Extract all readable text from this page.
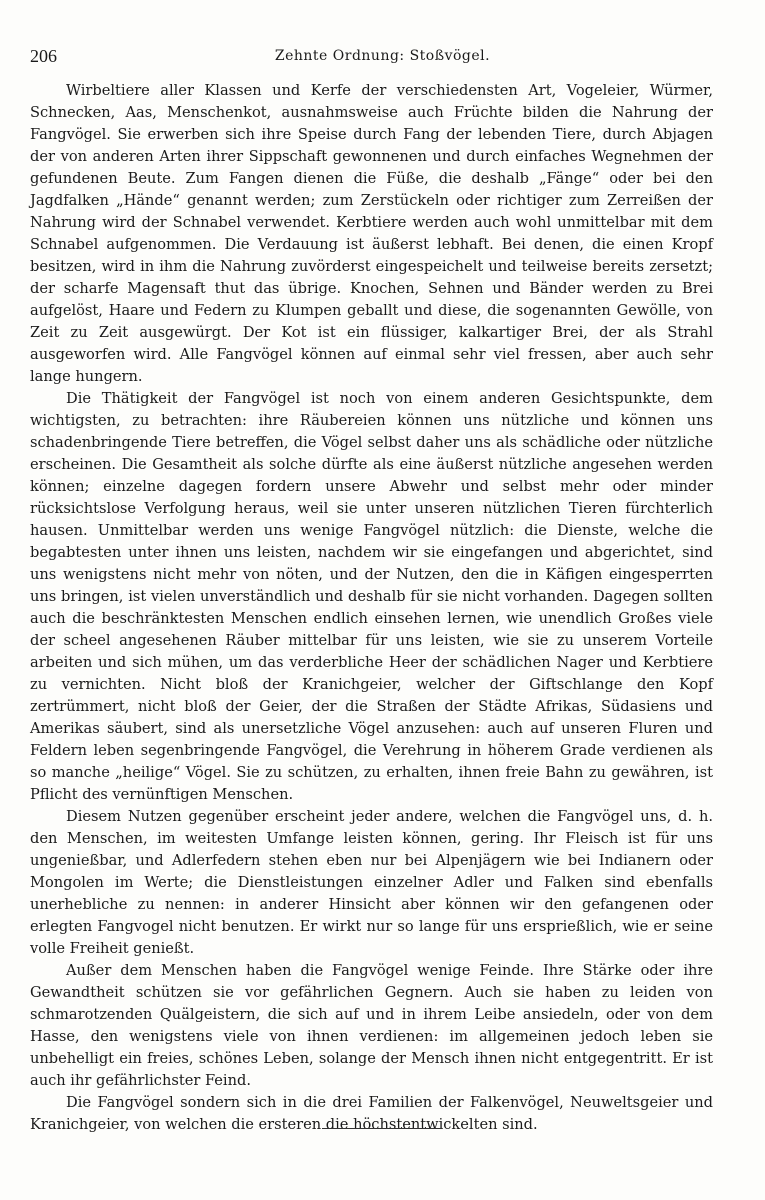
206	Zehnte Ordnung: Stoßvögel.

Wirbeltiere aller Klassen und Kerfe der verschiedensten Art, Vogeleier, Würmer, Schnecken, Aas, Menschenkot, ausnahmsweise auch Früchte bilden die Nahrung der Fangvögel. Sie erwerben sich ihre Speise durch Fang der lebenden Tiere, durch Abjagen der von anderen Arten ihrer Sippschaft gewonnenen und durch einfaches Wegnehmen der gefundenen Beute. Zum Fangen dienen die Füße, die deshalb „Fänge“ oder bei den Jagdfalken „Hände“ genannt werden; zum Zerstückeln oder richtiger zum Zerreißen der Nahrung wird der Schnabel verwendet. Kerbtiere werden auch wohl unmittelbar mit dem Schnabel aufgenommen. Die Verdauung ist äußerst lebhaft. Bei denen, die einen Kropf besitzen, wird in ihm die Nahrung zuvörderst eingespeichelt und teilweise bereits zersetzt; der scharfe Magensaft thut das übrige. Knochen, Sehnen und Bänder werden zu Brei aufgelöst, Haare und Federn zu Klumpen geballt und diese, die sogenannten Gewölle, von Zeit zu Zeit ausgewürgt. Der Kot ist ein flüssiger, kalkartiger Brei, der als Strahl ausgeworfen wird. Alle Fangvögel können auf einmal sehr viel fressen, aber auch sehr lange hungern.

Die Thätigkeit der Fangvögel ist noch von einem anderen Gesichtspunkte, dem wichtigsten, zu betrachten: ihre Räubereien können uns nützliche und können uns schadenbringende Tiere betreffen, die Vögel selbst daher uns als schädliche oder nützliche erscheinen. Die Gesamtheit als solche dürfte als eine äußerst nützliche angesehen werden können; einzelne dagegen fordern unsere Abwehr und selbst mehr oder minder rücksichtslose Verfolgung heraus, weil sie unter unseren nützlichen Tieren fürchterlich hausen. Unmittelbar werden uns wenige Fangvögel nützlich: die Dienste, welche die begabtesten unter ihnen uns leisten, nachdem wir sie eingefangen und abgerichtet, sind uns wenigstens nicht mehr von nöten, und der Nutzen, den die in Käfigen eingesperrten uns bringen, ist vielen unverständlich und deshalb für sie nicht vorhanden. Dagegen sollten auch die beschränktesten Menschen endlich einsehen lernen, wie unendlich Großes viele der scheel angesehenen Räuber mittelbar für uns leisten, wie sie zu unserem Vorteile arbeiten und sich mühen, um das verderbliche Heer der schädlichen Nager und Kerbtiere zu vernichten. Nicht bloß der Kranichgeier, welcher der Giftschlange den Kopf zertrümmert, nicht bloß der Geier, der die Straßen der Städte Afrikas, Südasiens und Amerikas säubert, sind als unersetzliche Vögel anzusehen: auch auf unseren Fluren und Feldern leben segenbringende Fangvögel, die Verehrung in höherem Grade verdienen als so manche „heilige“ Vögel. Sie zu schützen, zu erhalten, ihnen freie Bahn zu gewähren, ist Pflicht des vernünftigen Menschen.

Diesem Nutzen gegenüber erscheint jeder andere, welchen die Fangvögel uns, d. h. den Menschen, im weitesten Umfange leisten können, gering. Ihr Fleisch ist für uns ungenießbar, und Adlerfedern stehen eben nur bei Alpenjägern wie bei Indianern oder Mongolen im Werte; die Dienstleistungen einzelner Adler und Falken sind ebenfalls unerhebliche zu nennen: in anderer Hinsicht aber können wir den gefangenen oder erlegten Fangvogel nicht benutzen. Er wirkt nur so lange für uns ersprießlich, wie er seine volle Freiheit genießt.

Außer dem Menschen haben die Fangvögel wenige Feinde. Ihre Stärke oder ihre Gewandtheit schützen sie vor gefährlichen Gegnern. Auch sie haben zu leiden von schmarotzenden Quälgeistern, die sich auf und in ihrem Leibe ansiedeln, oder von dem Hasse, den wenigstens viele von ihnen verdienen: im allgemeinen jedoch leben sie unbehelligt ein freies, schönes Leben, solange der Mensch ihnen nicht entgegentritt. Er ist auch ihr gefährlichster Feind.

Die Fangvögel sondern sich in die drei Familien der Falkenvögel, Neuweltsgeier und Kranichgeier, von welchen die ersteren die höchstentwickelten sind.
